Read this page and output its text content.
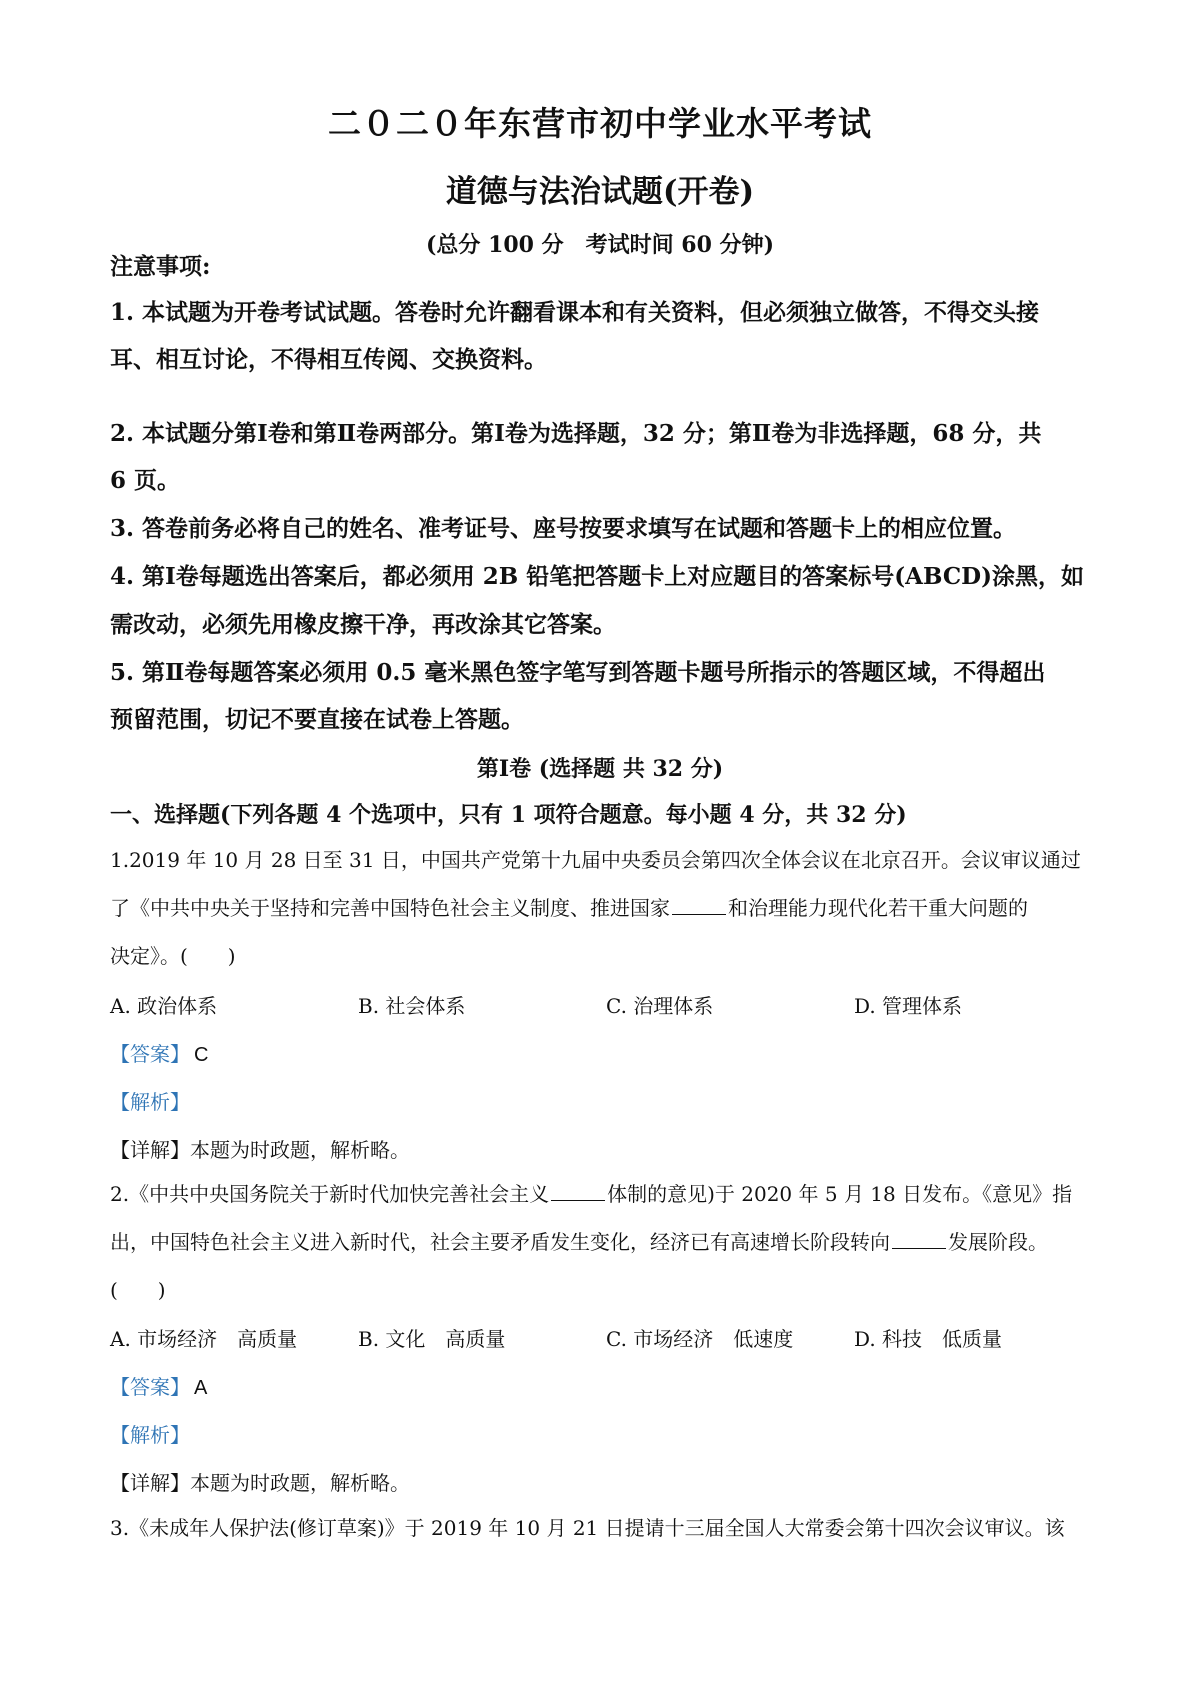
二０二０年东营市初中学业水平考试
道德与法治试题(开卷)
(总分 100 分　考试时间 60 分钟)
注意事项:
1. 本试题为开卷考试试题。答卷时允许翻看课本和有关资料，但必须独立做答，不得交头接
耳、相互讨论，不得相互传阅、交换资料。
2. 本试题分第Ⅰ卷和第Ⅱ卷两部分。第Ⅰ卷为选择题，32 分；第Ⅱ卷为非选择题，68 分，共
6 页。
3. 答卷前务必将自己的姓名、准考证号、座号按要求填写在试题和答题卡上的相应位置。
4. 第Ⅰ卷每题选出答案后，都必须用 2B 铅笔把答题卡上对应题目的答案标号(ABCD)涂黑，如
需改动，必须先用橡皮擦干净，再改涂其它答案。
5. 第Ⅱ卷每题答案必须用 0.5 毫米黑色签字笔写到答题卡题号所指示的答题区域，不得超出
预留范围，切记不要直接在试卷上答题。
第Ⅰ卷 (选择题 共 32 分)
一、选择题(下列各题 4 个选项中，只有 1 项符合题意。每小题 4 分，共 32 分)
1.2019 年 10 月 28 日至 31 日，中国共产党第十九届中央委员会第四次全体会议在北京召开。会议审议通过
了《中共中央关于坚持和完善中国特色社会主义制度、推进国家	和治理能力现代化若干重大问题的
决定》。(　　)
A. 政治体系	B. 社会体系	C. 治理体系	D. 管理体系
【答案】 C
【解析】
【详解】本题为时政题，解析略。
2.《中共中央国务院关于新时代加快完善社会主义	体制的意见)于 2020 年 5 月 18 日发布。《意见》指
出，中国特色社会主义进入新时代，社会主要矛盾发生变化，经济已有高速增长阶段转向	发展阶段。
(　　)
A. 市场经济　高质量	B. 文化　高质量	C. 市场经济　低速度	D. 科技　低质量
【答案】 A
【解析】
【详解】本题为时政题，解析略。
3.《未成年人保护法(修订草案)》于 2019 年 10 月 21 日提请十三届全国人大常委会第十四次会议审议。该
